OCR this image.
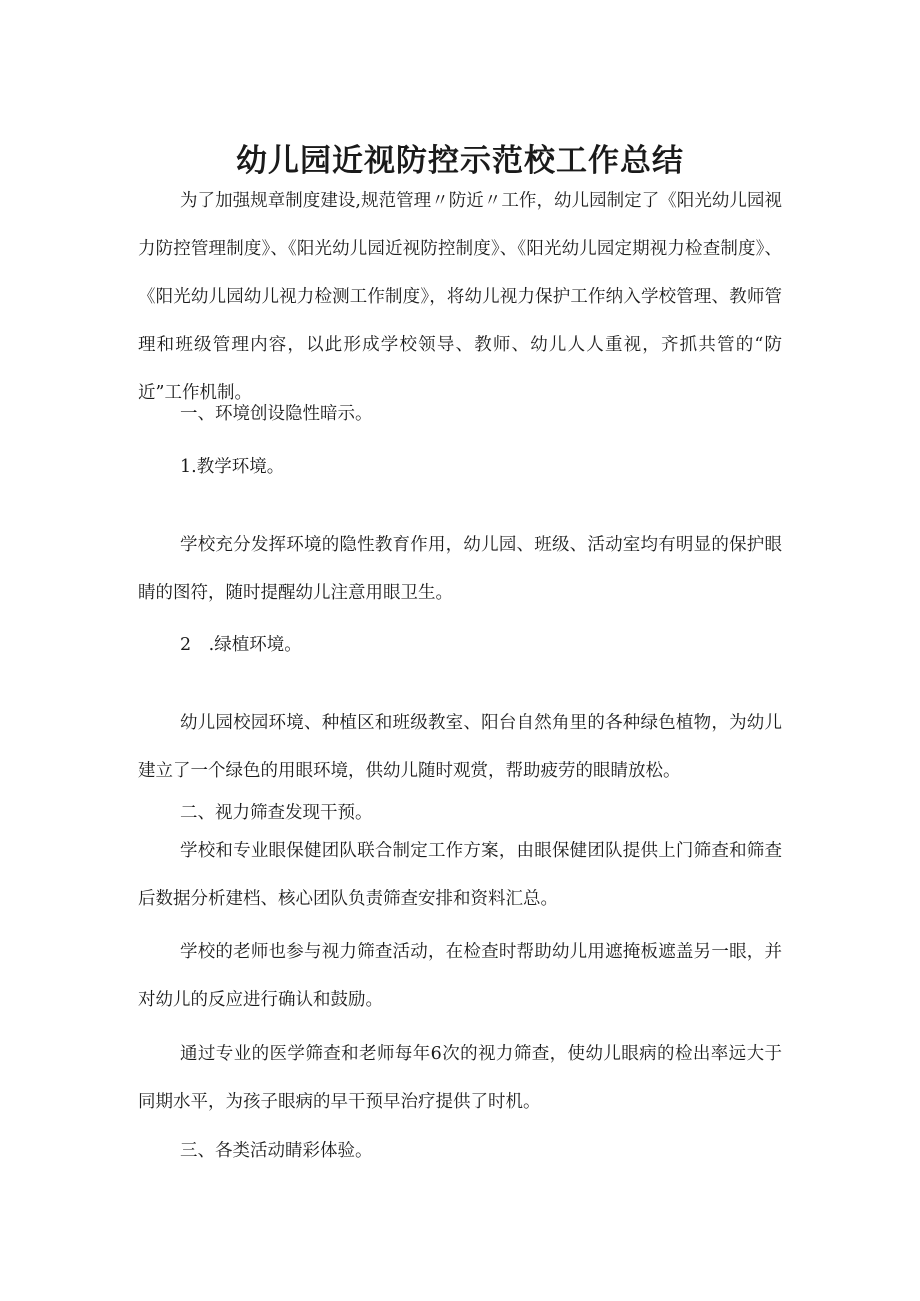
幼儿园近视防控示范校工作总结

为了加强规章制度建设,规范管理〃防近〃工作，幼儿园制定了《阳光幼儿园视力防控管理制度》、《阳光幼儿园近视防控制度》、《阳光幼儿园定期视力检查制度》、《阳光幼儿园幼儿视力检测工作制度》，将幼儿视力保护工作纳入学校管理、教师管理和班级管理内容，以此形成学校领导、教师、幼儿人人重视，齐抓共管的“防近”工作机制。

一、环境创设隐性暗示。

1.教学环境。

学校充分发挥环境的隐性教育作用，幼儿园、班级、活动室均有明显的保护眼睛的图符，随时提醒幼儿注意用眼卫生。

2　.绿植环境。

幼儿园校园环境、种植区和班级教室、阳台自然角里的各种绿色植物，为幼儿建立了一个绿色的用眼环境，供幼儿随时观赏，帮助疲劳的眼睛放松。

二、视力筛查发现干预。

学校和专业眼保健团队联合制定工作方案，由眼保健团队提供上门筛查和筛查后数据分析建档、核心团队负责筛查安排和资料汇总。

学校的老师也参与视力筛查活动，在检查时帮助幼儿用遮掩板遮盖另一眼，并对幼儿的反应进行确认和鼓励。

通过专业的医学筛查和老师每年6次的视力筛查，使幼儿眼病的检出率远大于同期水平，为孩子眼病的早干预早治疗提供了时机。

三、各类活动睛彩体验。
